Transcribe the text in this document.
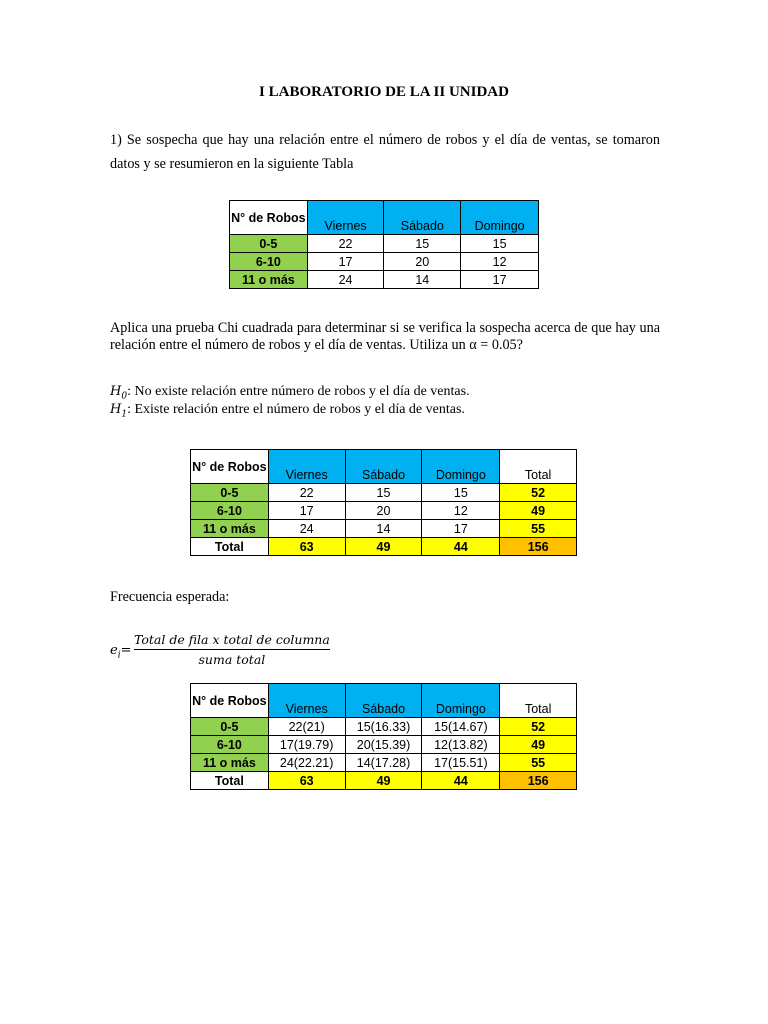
I LABORATORIO DE LA II UNIDAD
1) Se sospecha que hay una relación entre el número de robos y el día de ventas, se tomaron datos y se resumieron en la siguiente Tabla
N° de Robos	Viernes	Sábado	Domingo
0-5	22	15	15
6-10	17	20	12
11 o más	24	14	17
Aplica una prueba Chi cuadrada para determinar si se verifica la sospecha acerca de que hay una relación entre el número de robos y el día de ventas. Utiliza un α = 0.05?
$H_0$: No existe relación entre número de robos y el día de ventas.
$H_1$: Existe relación entre el número de robos y el día de ventas.
N° de Robos	Viernes	Sábado	Domingo	Total
0-5	22	15	15	52
6-10	17	20	12	49
11 o más	24	14	17	55
Total	63	49	44	156
Frecuencia esperada:
$e_i=$
Total de fila x total de columna
suma total
N° de Robos	Viernes	Sábado	Domingo	Total
0-5	22(21)	15(16.33)	15(14.67)	52
6-10	17(19.79)	20(15.39)	12(13.82)	49
11 o más	24(22.21)	14(17.28)	17(15.51)	55
Total	63	49	44	156
